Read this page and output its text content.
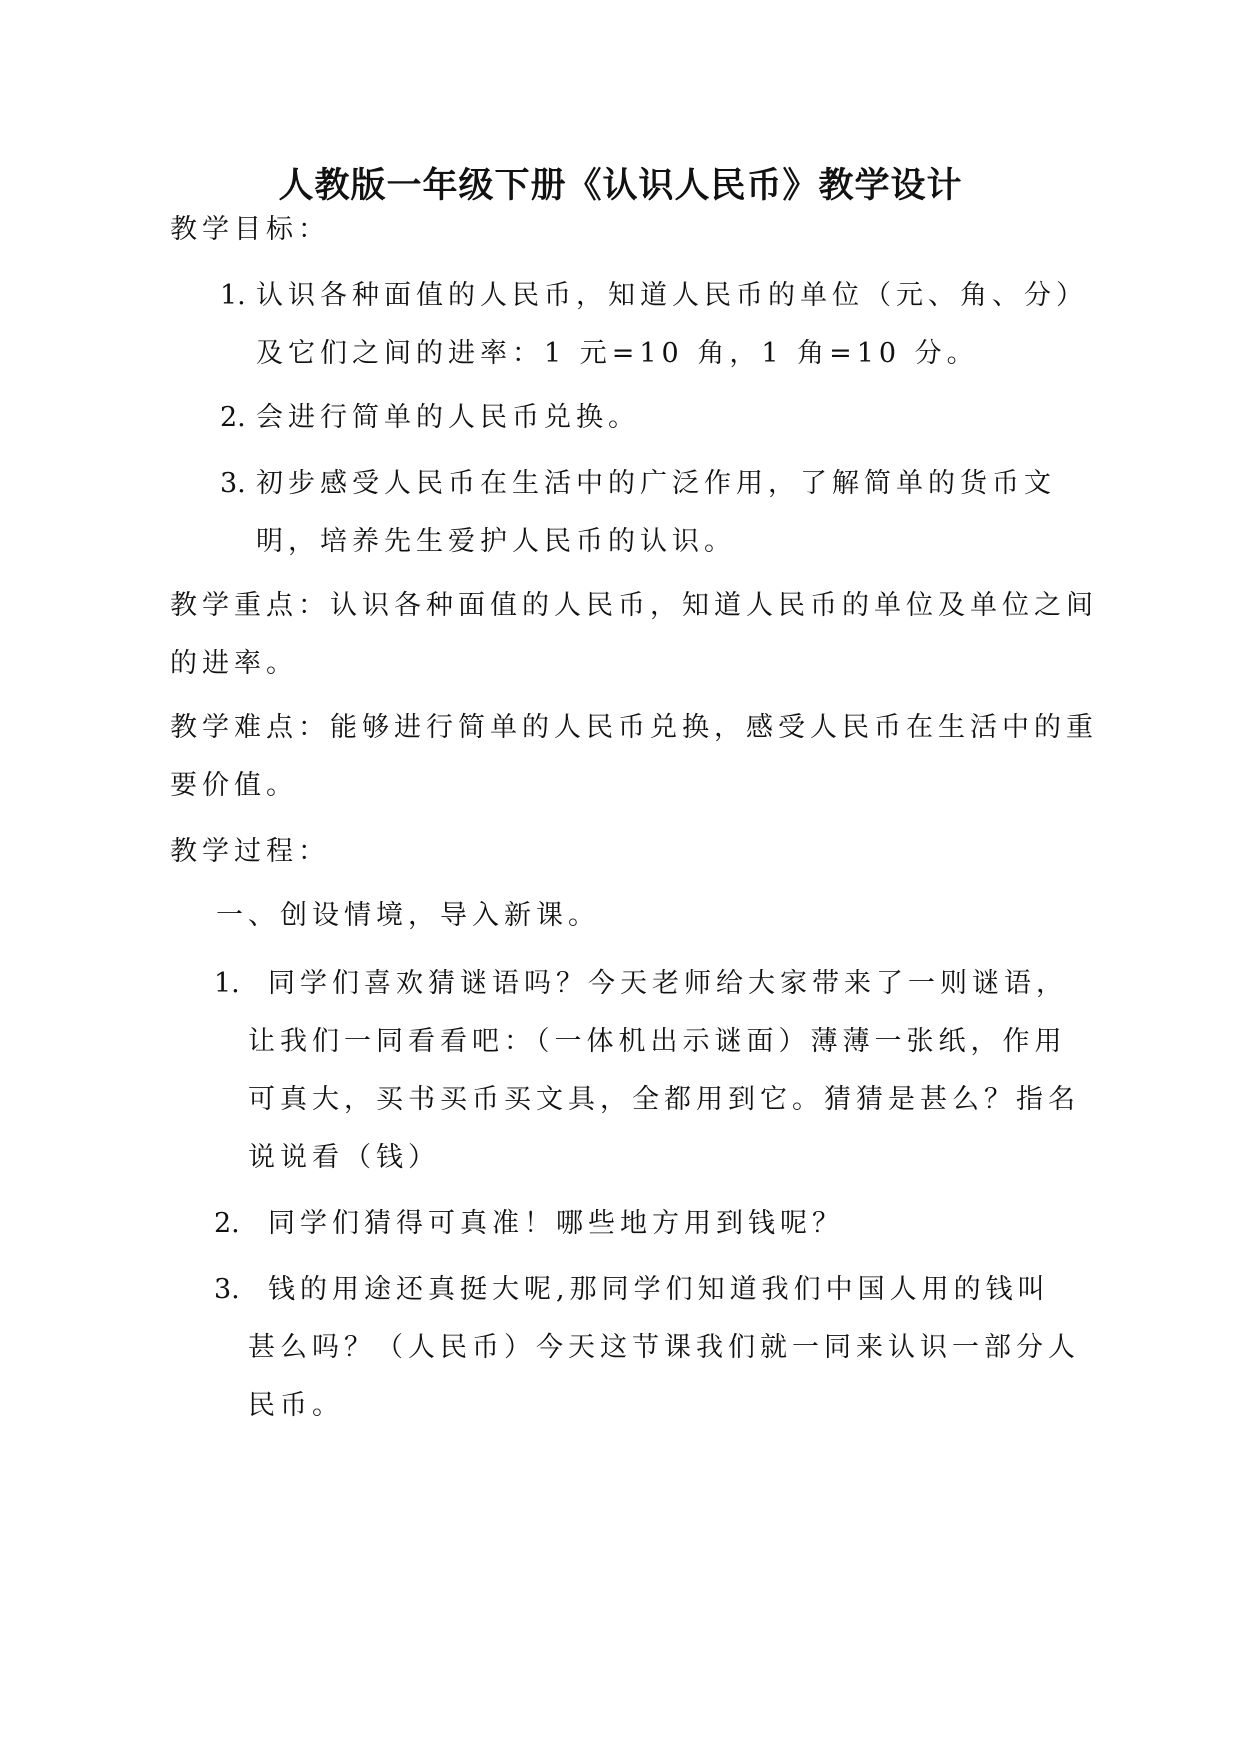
人教版一年级下册《认识人民币》教学设计
教学目标：
1. 认识各种面值的人民币，知道人民币的单位（元、角、分）
及它们之间的进率：1 元=10 角，1 角=10 分。
2. 会进行简单的人民币兑换。
3. 初步感受人民币在生活中的广泛作用，了解简单的货币文
明，培养先生爱护人民币的认识。
教学重点：认识各种面值的人民币，知道人民币的单位及单位之间
的进率。
教学难点：能够进行简单的人民币兑换，感受人民币在生活中的重
要价值。
教学过程：
一、创设情境，导入新课。
1. 同学们喜欢猜谜语吗？今天老师给大家带来了一则谜语，
让我们一同看看吧：（一体机出示谜面）薄薄一张纸，作用
可真大，买书买币买文具，全都用到它。猜猜是甚么？指名
说说看（钱）
2. 同学们猜得可真准！哪些地方用到钱呢？
3. 钱的用途还真挺大呢,那同学们知道我们中国人用的钱叫
甚么吗？（人民币）今天这节课我们就一同来认识一部分人
民币。
